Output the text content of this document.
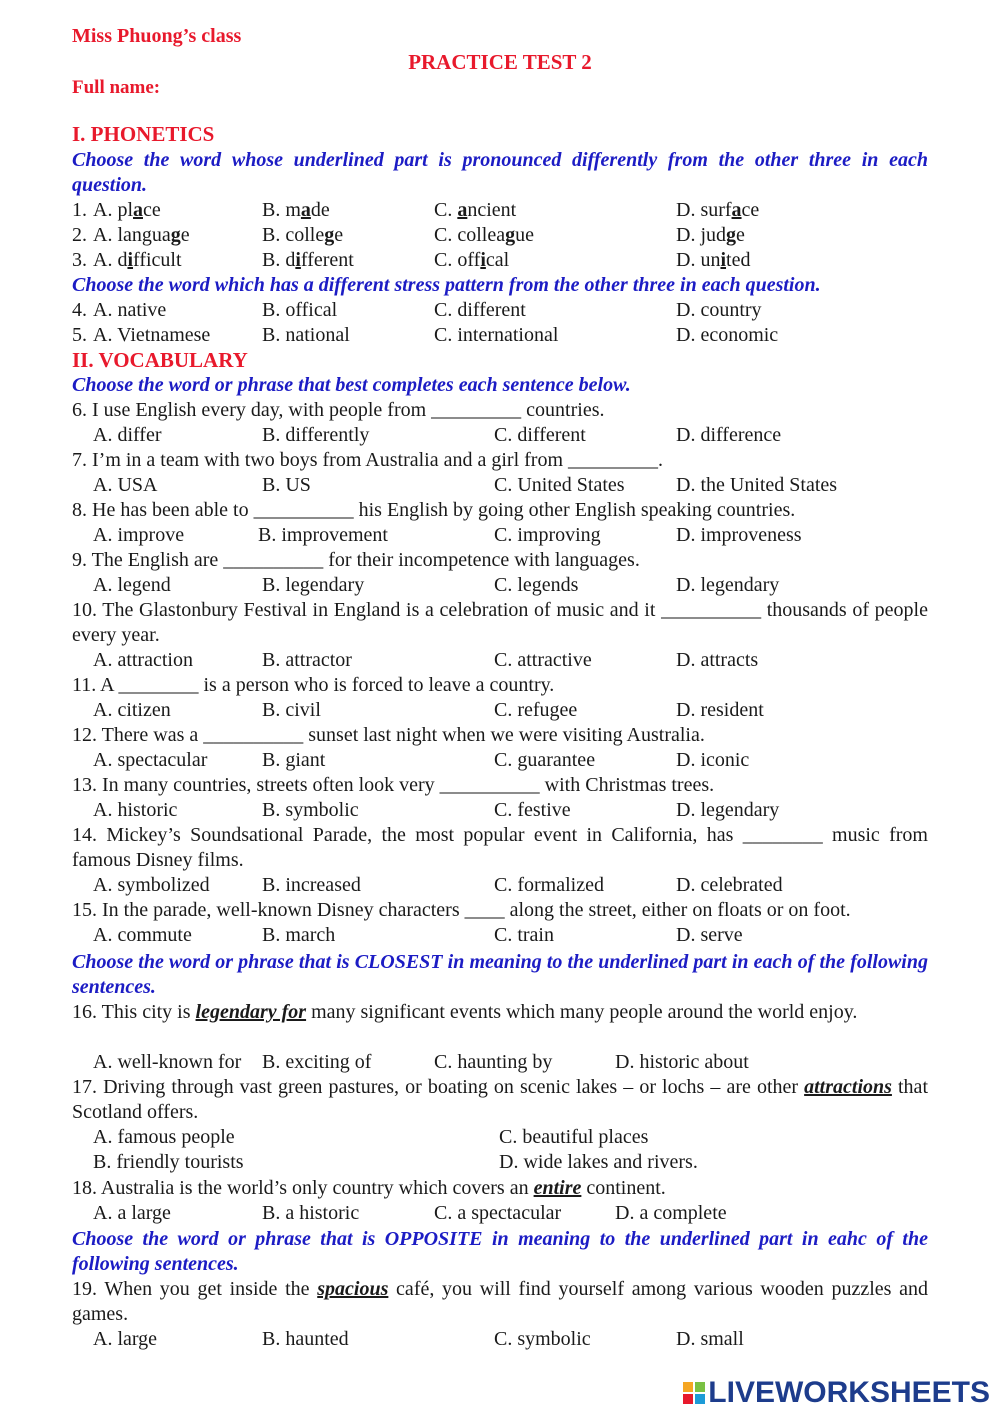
Miss Phuong’s class
PRACTICE TEST 2
Full name:
I. PHONETICS
Choose the word whose underlined part is pronounced differently from the other three in each question.
1. A. place	B. made	C. ancient	D. surface
2. A. language	B. college	C. colleague	D. judge
3. A. difficult	B. different	C. offical	D. united
Choose the word which has a different stress pattern from the other three in each question.
4. A. native	B. offical	C. different	D. country
5. A. Vietnamese	B. national	C. international	D. economic
II. VOCABULARY
Choose the word or phrase that best completes each sentence below.
6. I use English every day, with people from _________ countries.
A. differ	B. differently	C. different	D. difference
7. I’m in a team with two boys from Australia and a girl from _________.
A. USA	B. US	C. United States	D. the United States
8. He has been able to __________ his English by going other English speaking countries.
A. improve	B. improvement	C. improving	D. improveness
9. The English are __________ for their incompetence with languages.
A. legend	B. legendary	C. legends	D. legendary
10. The Glastonbury Festival in England is a celebration of music and it __________ thousands of people every year.
A. attraction	B. attractor	C. attractive	D. attracts
11. A ________ is a person who is forced to leave a country.
A. citizen	B. civil	C. refugee	D. resident
12. There was a __________ sunset last night when we were visiting Australia.
A. spectacular	B. giant	C. guarantee	D. iconic
13. In many countries, streets often look very __________ with Christmas trees.
A. historic	B. symbolic	C. festive	D. legendary
14. Mickey’s Soundsational Parade, the most popular event in California, has ________ music from famous Disney films.
A. symbolized	B. increased	C. formalized	D. celebrated
15. In the parade, well-known Disney characters ____ along the street, either on floats or on foot.
A. commute	B. march	C. train	D. serve
Choose the word or phrase that is CLOSEST in meaning to the underlined part in each of the following sentences.
16. This city is legendary for many significant events which many people around the world enjoy.
A. well-known for B. exciting of	C. haunting by	D. historic about
17. Driving through vast green pastures, or boating on scenic lakes – or lochs – are other attractions that Scotland offers.
A. famous people	C. beautiful places
B. friendly tourists	D. wide lakes and rivers.
18. Australia is the world’s only country which covers an entire continent.
A. a large	B. a historic	C. a spectacular	D. a complete
Choose the word or phrase that is OPPOSITE in meaning to the underlined part in eahc of the following sentences.
19. When you get inside the spacious café, you will find yourself among various wooden puzzles and games.
A. large	B. haunted	C. symbolic	D. small
LIVEWORKSHEETS
